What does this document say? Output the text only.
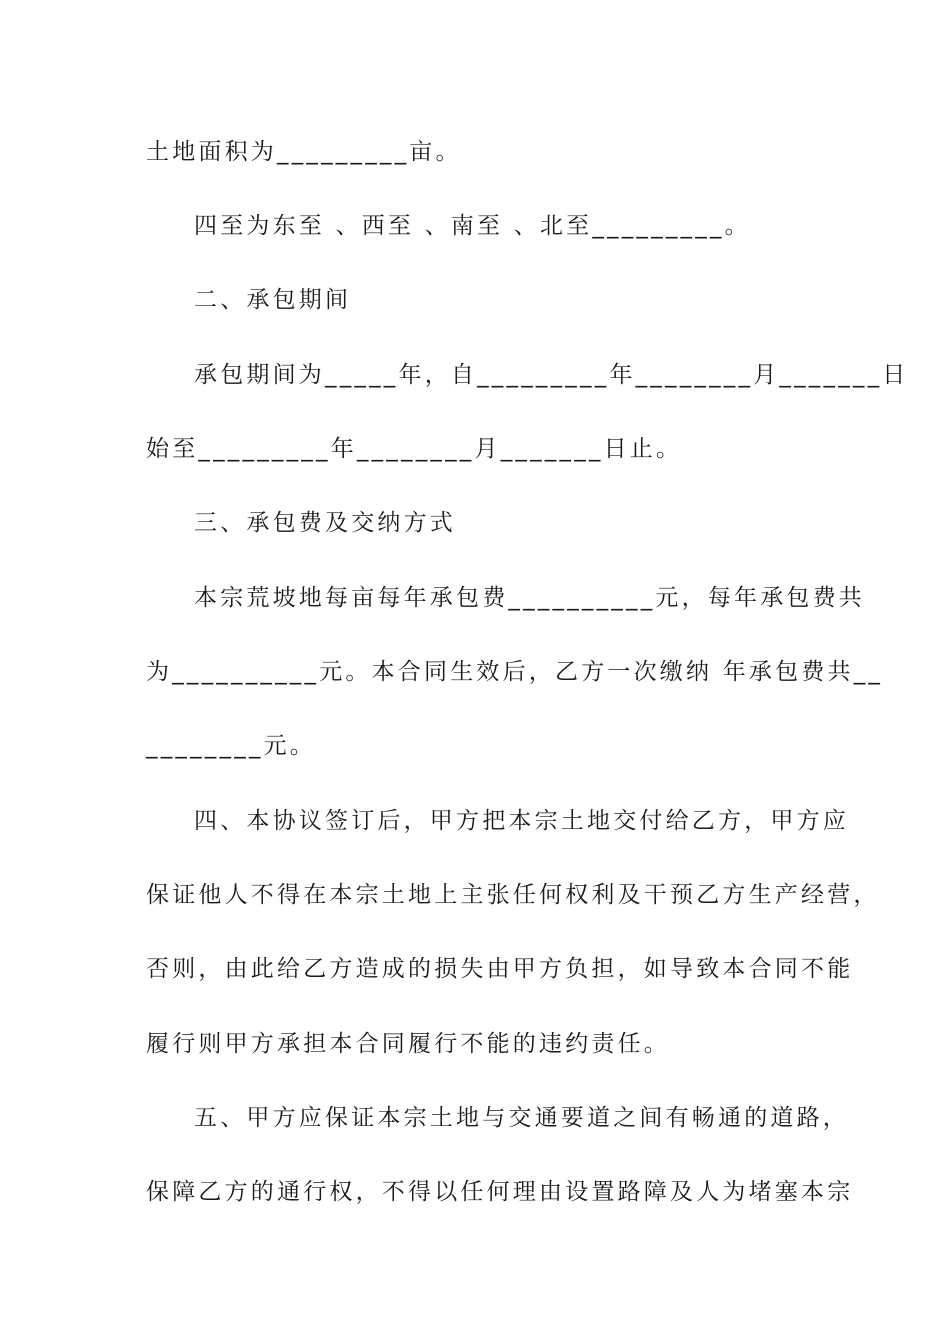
土地面积为_________亩。
四至为东至 、西至 、南至 、北至_________。
二、承包期间
承包期间为_____年，自_________年________月_______日
始至_________年________月_______日止。
三、承包费及交纳方式
本宗荒坡地每亩每年承包费__________元，每年承包费共
为__________元。本合同生效后，乙方一次缴纳 年承包费共__
________元。
四、本协议签订后，甲方把本宗土地交付给乙方，甲方应
保证他人不得在本宗土地上主张任何权利及干预乙方生产经营，
否则，由此给乙方造成的损失由甲方负担，如导致本合同不能
履行则甲方承担本合同履行不能的违约责任。
五、甲方应保证本宗土地与交通要道之间有畅通的道路，
保障乙方的通行权，不得以任何理由设置路障及人为堵塞本宗
